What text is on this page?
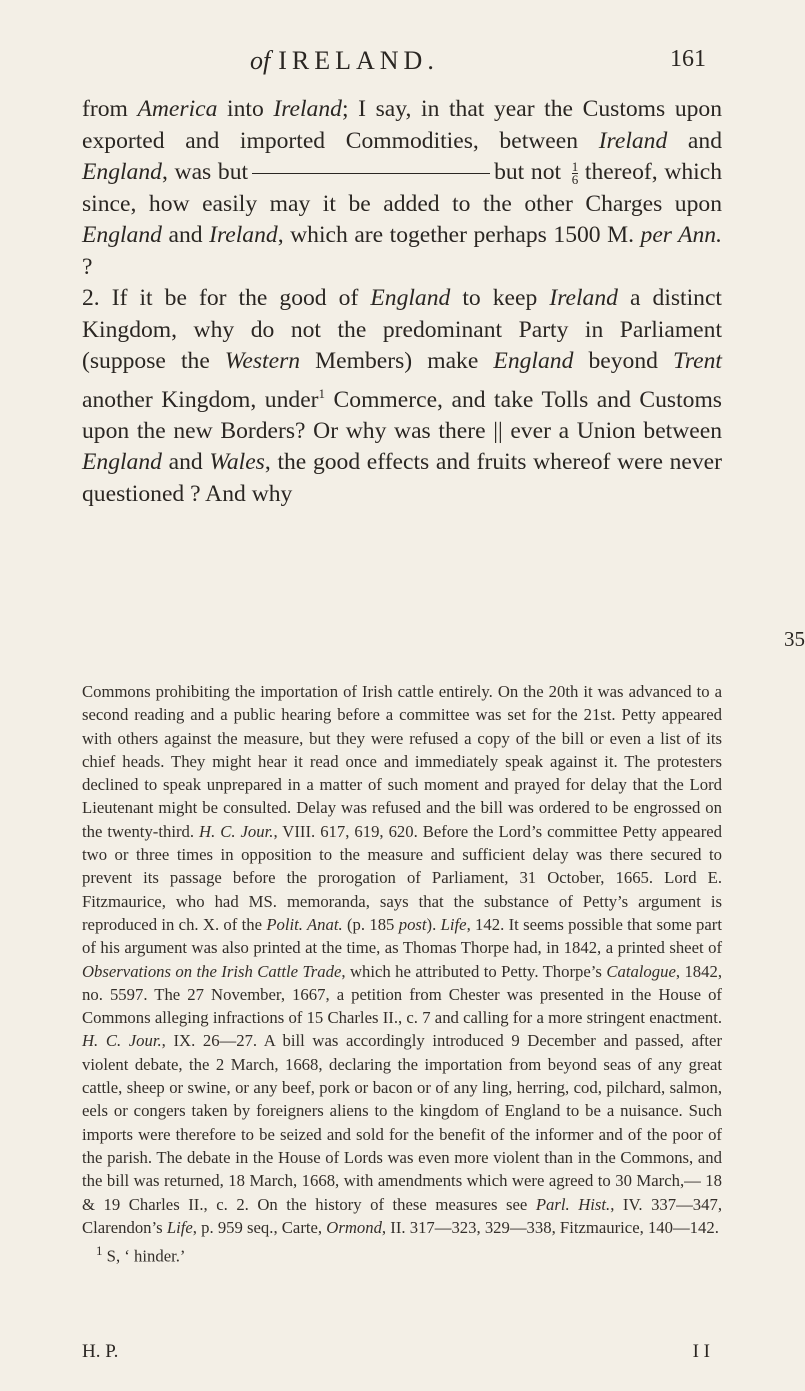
of IRELAND.	161

from America into Ireland; I say, in that year the Customs upon exported and imported Commodities, between Ireland and England, was but	but not $\frac{1}{6}$ thereof, which since, how easily may it be added to the other Charges upon England and Ireland, which are together perhaps 1500 M. per Ann. ?

2. If it be for the good of England to keep Ireland a distinct Kingdom, why do not the predominant Party in Parliament (suppose the Western Members) make England beyond Trent another Kingdom, under$^1$ Commerce, and take Tolls and Customs upon the new Borders? Or why was there || ever a Union between England and Wales, the good effects and fruits whereof were never questioned ? And why

35

Commons prohibiting the importation of Irish cattle entirely. On the 20th it was advanced to a second reading and a public hearing before a committee was set for the 21st. Petty appeared with others against the measure, but they were refused a copy of the bill or even a list of its chief heads. They might hear it read once and immediately speak against it. The protesters declined to speak unprepared in a matter of such moment and prayed for delay that the Lord Lieutenant might be consulted. Delay was refused and the bill was ordered to be engrossed on the twenty-third. H. C. Jour., VIII. 617, 619, 620. Before the Lord’s committee Petty appeared two or three times in opposition to the measure and sufficient delay was there secured to prevent its passage before the prorogation of Parliament, 31 October, 1665. Lord E. Fitzmaurice, who had MS. memoranda, says that the substance of Petty’s argument is reproduced in ch. X. of the Polit. Anat. (p. 185 post). Life, 142. It seems possible that some part of his argument was also printed at the time, as Thomas Thorpe had, in 1842, a printed sheet of Observations on the Irish Cattle Trade, which he attributed to Petty. Thorpe’s Catalogue, 1842, no. 5597. The 27 November, 1667, a petition from Chester was presented in the House of Commons alleging infractions of 15 Charles II., c. 7 and calling for a more stringent enactment. H. C. Jour., IX. 26—27. A bill was accordingly introduced 9 December and passed, after violent debate, the 2 March, 1668, declaring the importation from beyond seas of any great cattle, sheep or swine, or any beef, pork or bacon or of any ling, herring, cod, pilchard, salmon, eels or congers taken by foreigners aliens to the kingdom of England to be a nuisance. Such imports were therefore to be seized and sold for the benefit of the informer and of the poor of the parish. The debate in the House of Lords was even more violent than in the Commons, and the bill was returned, 18 March, 1668, with amendments which were agreed to 30 March,— 18 & 19 Charles II., c. 2. On the history of these measures see Parl. Hist., IV. 337—347, Clarendon’s Life, p. 959 seq., Carte, Ormond, II. 317—323, 329—338, Fitzmaurice, 140—142.

$^1$ S, ‘ hinder.’

H. P.	I I
